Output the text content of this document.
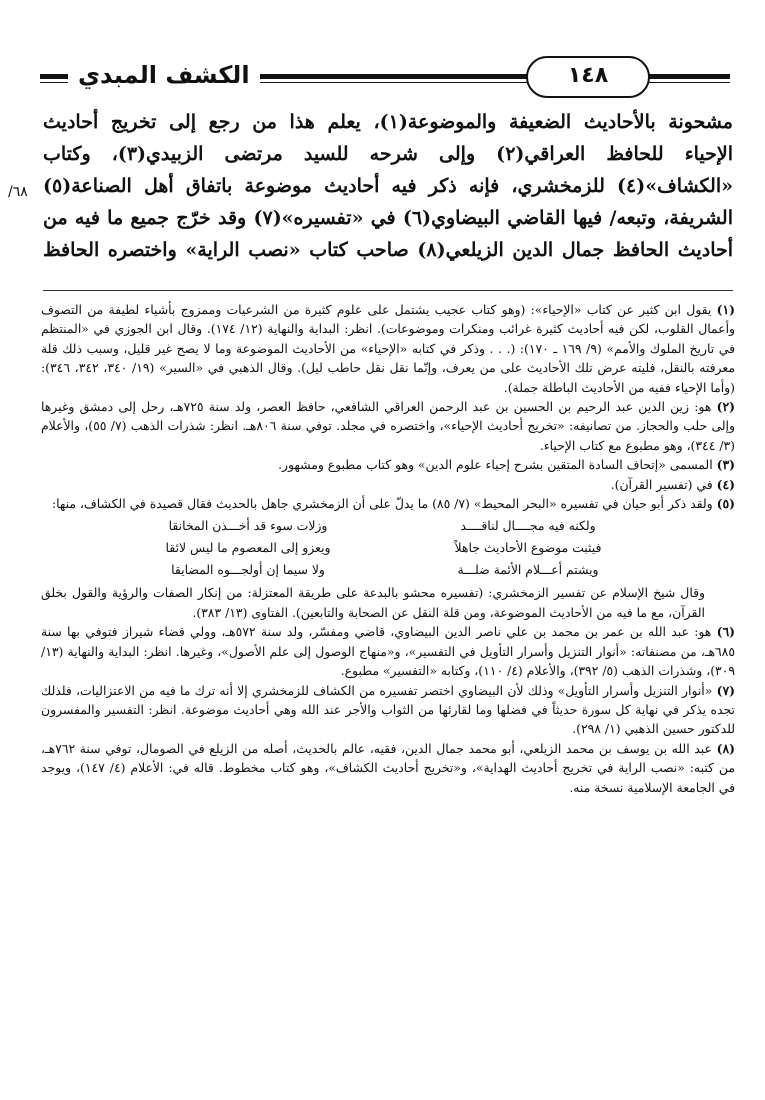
١٤٨
الكشف المبدي
/٦٨

مشحونة بالأحاديث الضعيفة والموضوعة(١)، يعلم هذا من رجع إلى تخريج أحاديث

الإحياء للحافظ العراقي(٢) وإلى شرحه للسيد مرتضى الزبيدي(٣)، وكتاب

«الكشاف»(٤) للزمخشري، فإنه ذكر فيه أحاديث موضوعة باتفاق أهل الصناعة(٥)

الشريفة، وتبعه/ فيها القاضي البيضاوي(٦) في «تفسيره»(٧) وقد خرّج جميع ما فيه من

أحاديث الحافظ جمال الدين الزيلعي(٨) صاحب كتاب «نصب الراية» واختصره الحافظ

(١) يقول ابن كثير عن كتاب «الإحياء»: (وهو كتاب عجيب يشتمل على علوم كثيرة من الشرعيات وممزوج بأشياء لطيفة من التصوف وأعمال القلوب، لكن فيه أحاديث كثيرة غرائب ومنكرات وموضوعات). انظر: البداية والنهاية (١٢/ ١٧٤). وقال ابن الجوزي في «المنتظم في تاريخ الملوك والأمم» (٩/ ١٦٩ ـ ١٧٠): (. . . وذكر في كتابه «الإحياء» من الأحاديث الموضوعة وما لا يصح غير قليل، وسبب ذلك قلة معرفته بالنقل، فليته عرض تلك الأحاديث على من يعرف، وإنّما نقل نقل حاطب ليل). وقال الذهبي في «السير» (١٩/ ٣٤٠، ٣٤٢، ٣٤٦): (وأما الإحياء ففيه من الأحاديث الباطلة جملة).

(٢) هو: زين الدين عبد الرحيم بن الحسين بن عبد الرحمن العراقي الشافعي، حافظ العصر، ولد سنة ٧٢٥هـ، رحل إلى دمشق وغيرها وإلى حلب والحجاز. من تصانيفه: «تخريج أحاديث الإحياء»، واختصره في مجلد. توفي سنة ٨٠٦هـ. انظر: شذرات الذهب (٧/ ٥٥)، والأعلام (٣/ ٣٤٤)، وهو مطبوع مع كتاب الإحياء.

(٣) المسمى «إتحاف السادة المتقين بشرح إحياء علوم الدين» وهو كتاب مطبوع ومشهور.

(٤) في (تفسير القرآن).

(٥) ولقد ذكر أبو حيان في تفسيره «البحر المحيط» (٧/ ٨٥) ما يدلّ على أن الزمخشري جاهل بالحديث فقال قصيدة في الكشاف، منها:

ولكنه فيه مجــــال لناقــــد
وزلات سوء قد أخـــذن المخانقا
فيثبت موضوع الأحاديث جاهلاً
ويعزو إلى المعصوم ما ليس لائقا
ويشتم أعـــلام الأئمة ضلـــة
ولا سيما إن أولجـــوه المضايقا

وقال شيخ الإسلام عن تفسير الزمخشري: (تفسيره محشو بالبدعة على طريقة المعتزلة: من إنكار الصفات والرؤية والقول بخلق القرآن، مع ما فيه من الأحاديث الموضوعة، ومن قلة النقل عن الصحابة والتابعين). الفتاوى (١٣/ ٣٨٣).

(٦) هو: عبد الله بن عمر بن محمد بن علي ناصر الدين البيضاوي، قاضي ومفسّر، ولد سنة ٥٧٢هـ، وولي قضاء شيراز فتوفي بها سنة ٦٨٥هـ، من مصنفاته: «أنوار التنزيل وأسرار التأويل في التفسير»، و«منهاج الوصول إلى علم الأصول»، وغيرها. انظر: البداية والنهاية (١٣/ ٣٠٩)، وشذرات الذهب (٥/ ٣٩٢)، والأعلام (٤/ ١١٠)، وكتابه «التفسير» مطبوع.

(٧) «أنوار التنزيل وأسرار التأويل» وذلك لأن البيضاوي اختصر تفسيره من الكشاف للزمخشري إلا أنه ترك ما فيه من الاعتزاليات، فلذلك تجده يذكر في نهاية كل سورة حديثاً في فضلها وما لقارئها من الثواب والأجر عند الله وهي أحاديث موضوعة. انظر: التفسير والمفسرون للدكتور حسين الذهبي (١/ ٢٩٨).

(٨) عبد الله بن يوسف بن محمد الزيلعي، أبو محمد جمال الدين، فقيه، عالم بالحديث، أصله من الزيلع في الصومال، توفي سنة ٧٦٢هـ، من كتبه: «نصب الراية في تخريج أحاديث الهداية»، و«تخريج أحاديث الكشاف»، وهو كتاب مخطوط. قاله في: الأعلام (٤/ ١٤٧)، ويوجد في الجامعة الإسلامية نسخة منه.
